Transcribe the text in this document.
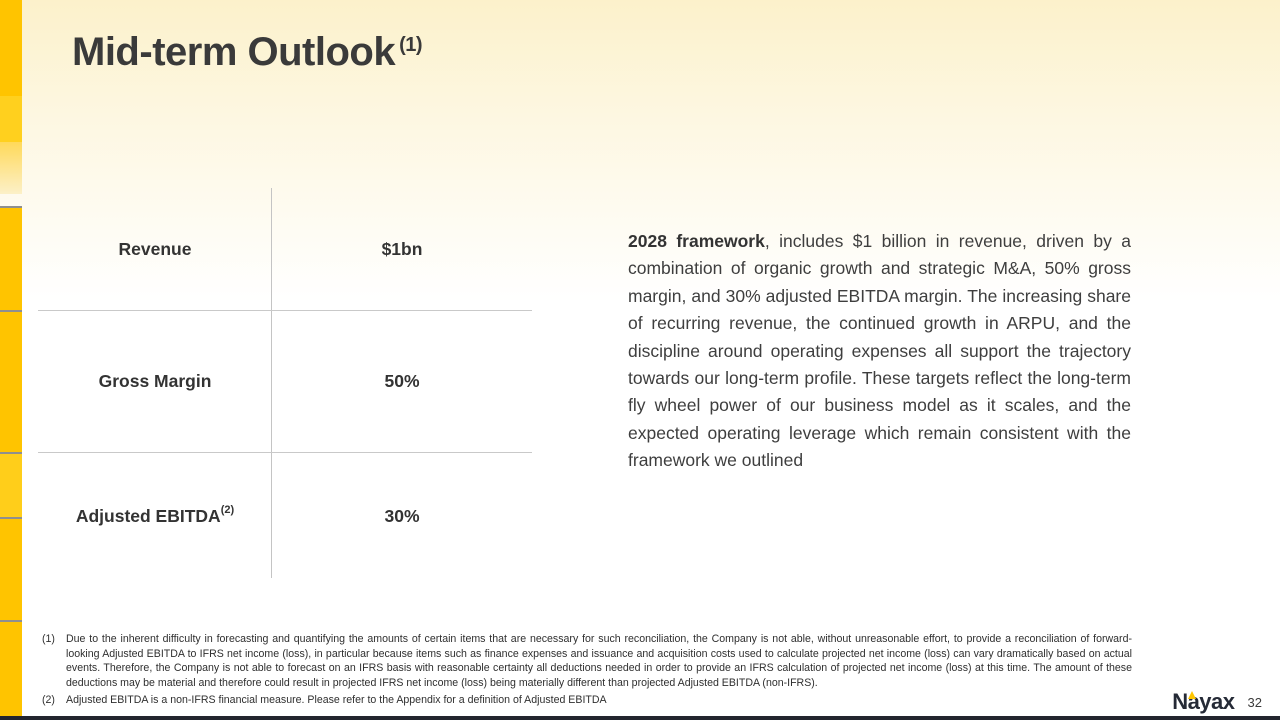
Mid-term Outlook $^{(1)}$
Revenue	$1bn
Gross Margin	50%
Adjusted EBITDA$^{(2)}$	30%

2028 framework, includes $1 billion in revenue, driven by a combination of organic growth and strategic M&A, 50% gross margin, and 30% adjusted EBITDA margin. The increasing share of recurring revenue, the continued growth in ARPU, and the discipline around operating expenses all support the trajectory towards our long-term profile. These targets reflect the long-term fly wheel power of our business model as it scales, and the expected operating leverage which remain consistent with the framework we outlined

(1)	Due to the inherent difficulty in forecasting and quantifying the amounts of certain items that are necessary for such reconciliation, the Company is not able, without unreasonable effort, to provide a reconciliation of forward-looking Adjusted EBITDA to IFRS net income (loss), in particular because items such as finance expenses and issuance and acquisition costs used to calculate projected net income (loss) can vary dramatically based on actual events. Therefore, the Company is not able to forecast on an IFRS basis with reasonable certainty all deductions needed in order to provide an IFRS calculation of projected net income (loss) at this time. The amount of these deductions may be material and therefore could result in projected IFRS net income (loss) being materially different than projected Adjusted EBITDA (non-IFRS).
(2)	Adjusted EBITDA is a non-IFRS financial measure. Please refer to the Appendix for a definition of Adjusted EBITDA	Nayax 32
